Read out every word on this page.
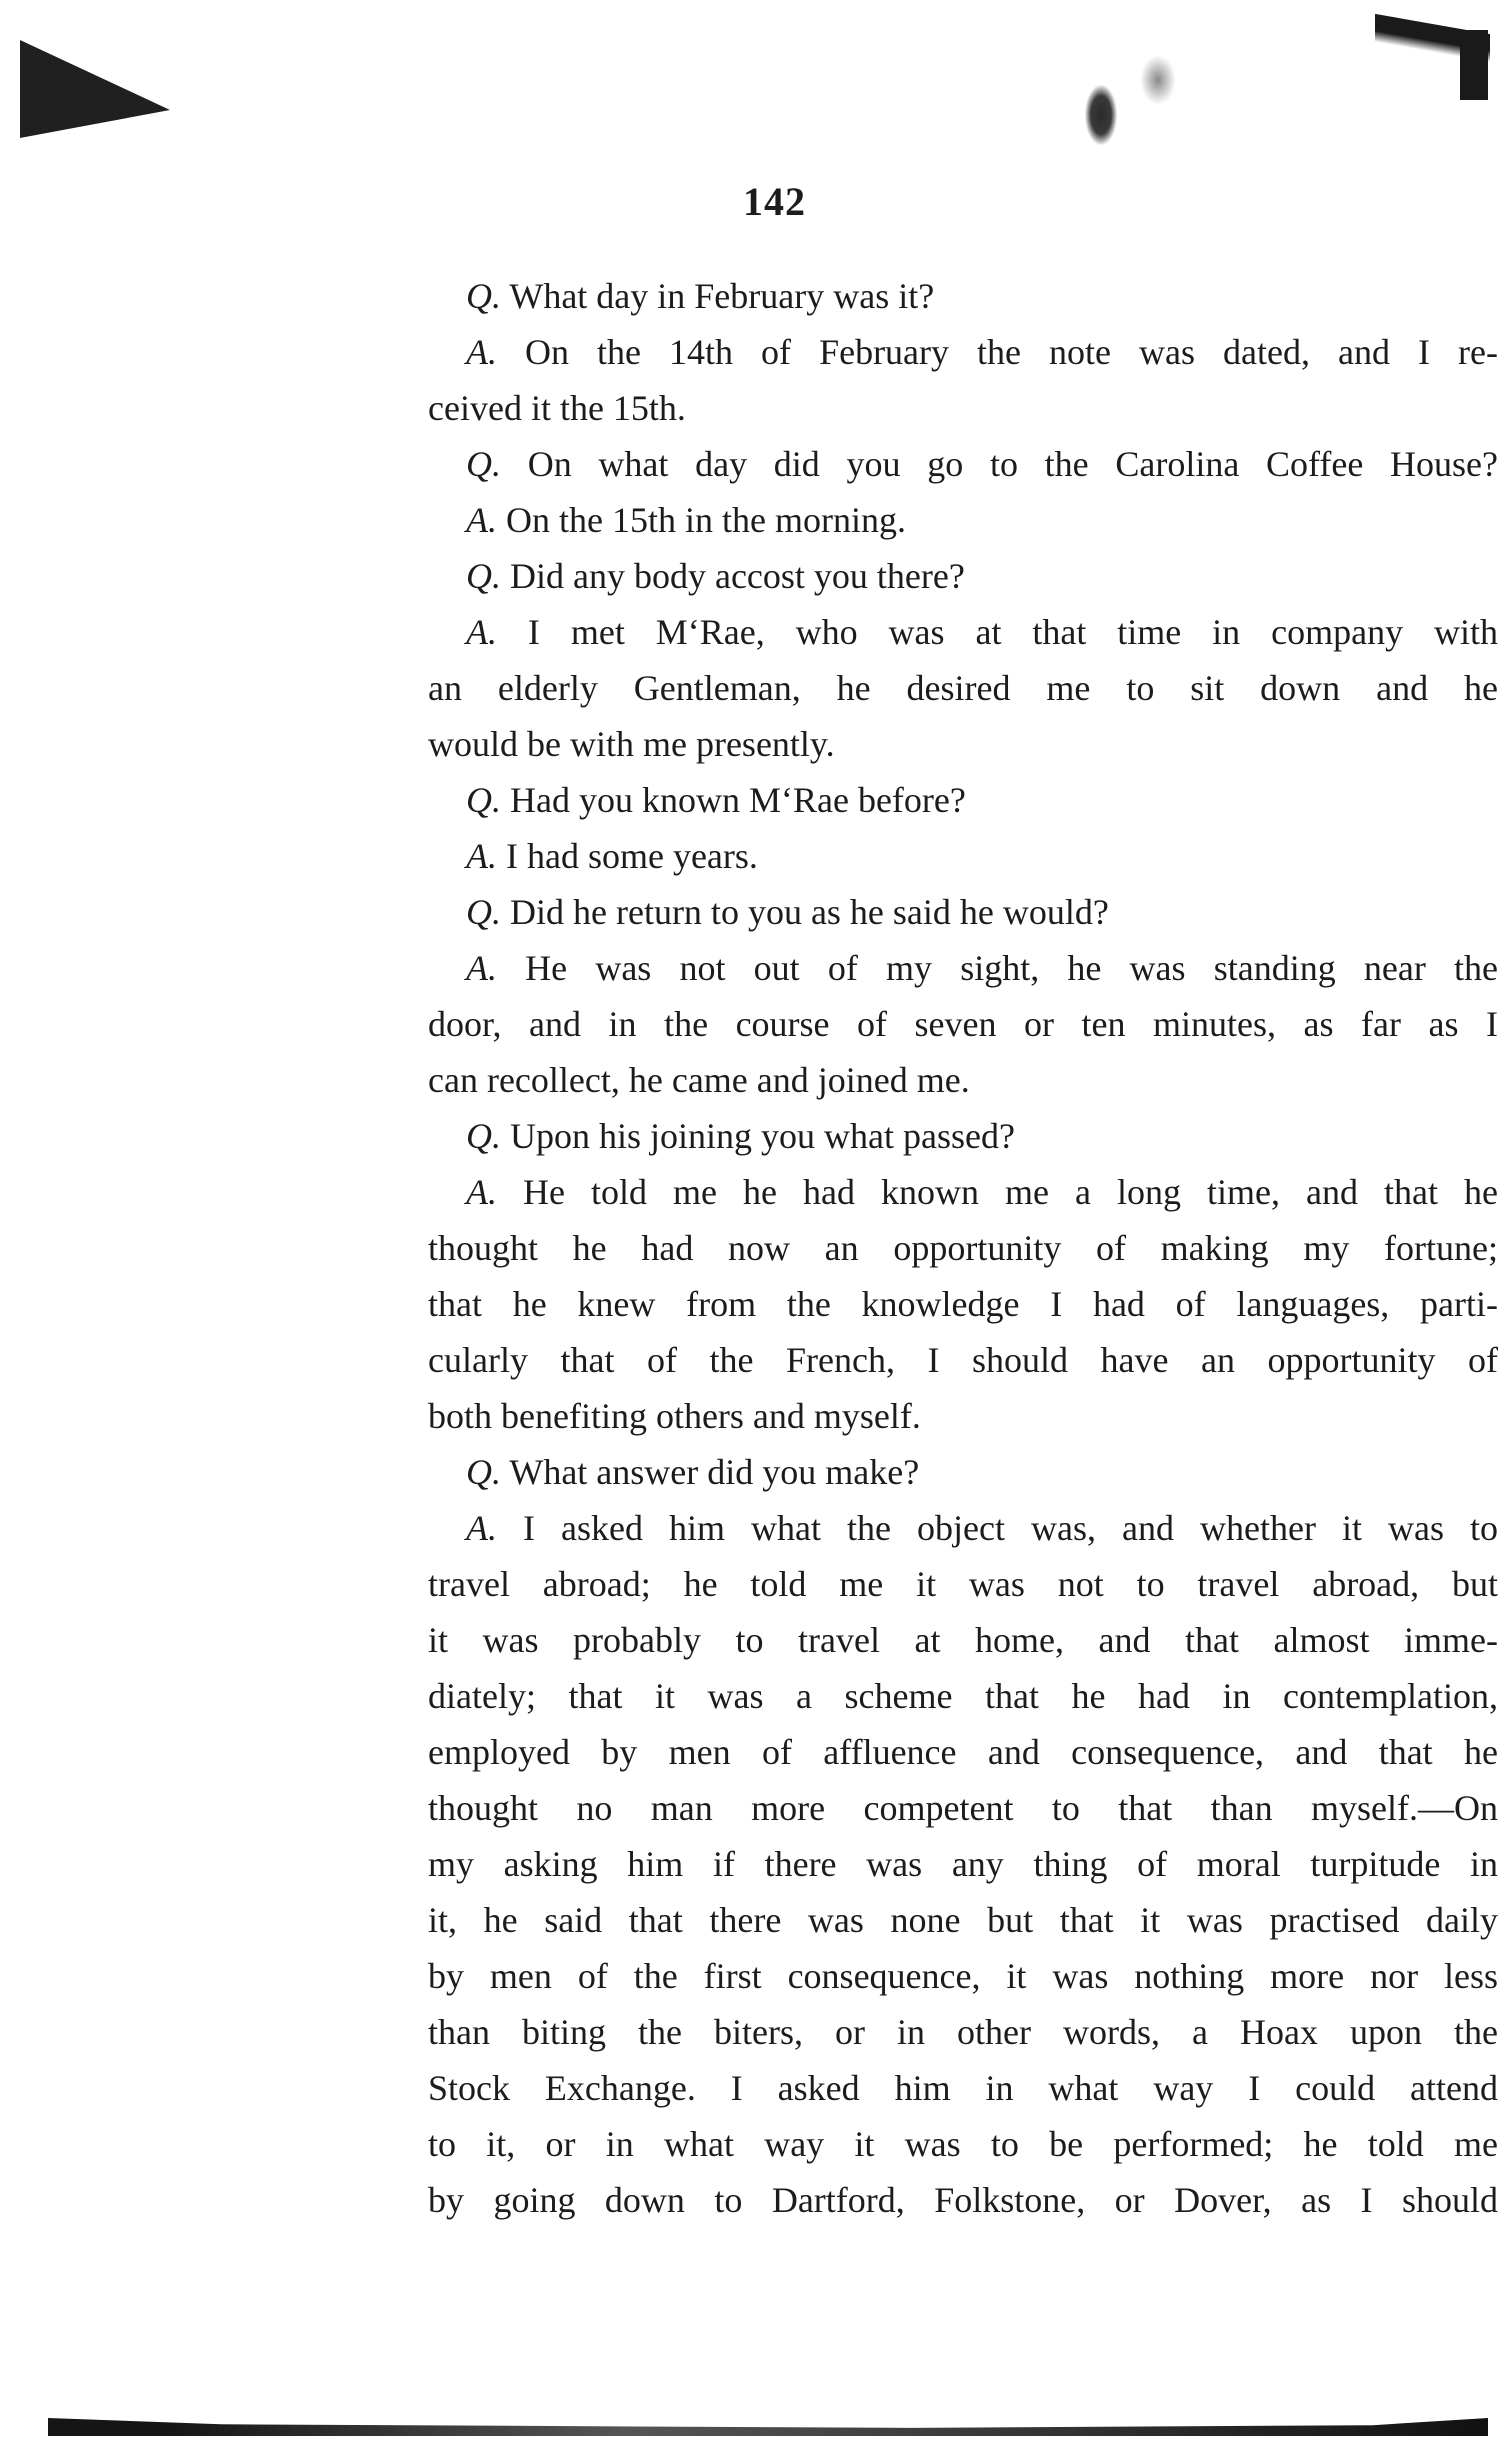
142
Q. What day in February was it?
A. On the 14th of February the note was dated, and I re-
ceived it the 15th.
Q. On what day did you go to the Carolina Coffee House?
A. On the 15th in the morning.
Q. Did any body accost you there?
A. I met M‘Rae, who was at that time in company with
an elderly Gentleman, he desired me to sit down and he
would be with me presently.
Q. Had you known M‘Rae before?
A. I had some years.
Q. Did he return to you as he said he would?
A. He was not out of my sight, he was standing near the
door, and in the course of seven or ten minutes, as far as I
can recollect, he came and joined me.
Q. Upon his joining you what passed?
A. He told me he had known me a long time, and that he
thought he had now an opportunity of making my fortune;
that he knew from the knowledge I had of languages, parti-
cularly that of the French, I should have an opportunity of
both benefiting others and myself.
Q. What answer did you make?
A. I asked him what the object was, and whether it was to
travel abroad; he told me it was not to travel abroad, but
it was probably to travel at home, and that almost imme-
diately; that it was a scheme that he had in contemplation,
employed by men of affluence and consequence, and that he
thought no man more competent to that than myself.—On
my asking him if there was any thing of moral turpitude in
it, he said that there was none but that it was practised daily
by men of the first consequence, it was nothing more nor less
than biting the biters, or in other words, a Hoax upon the
Stock Exchange. I asked him in what way I could attend
to it, or in what way it was to be performed; he told me
by going down to Dartford, Folkstone, or Dover, as I should
